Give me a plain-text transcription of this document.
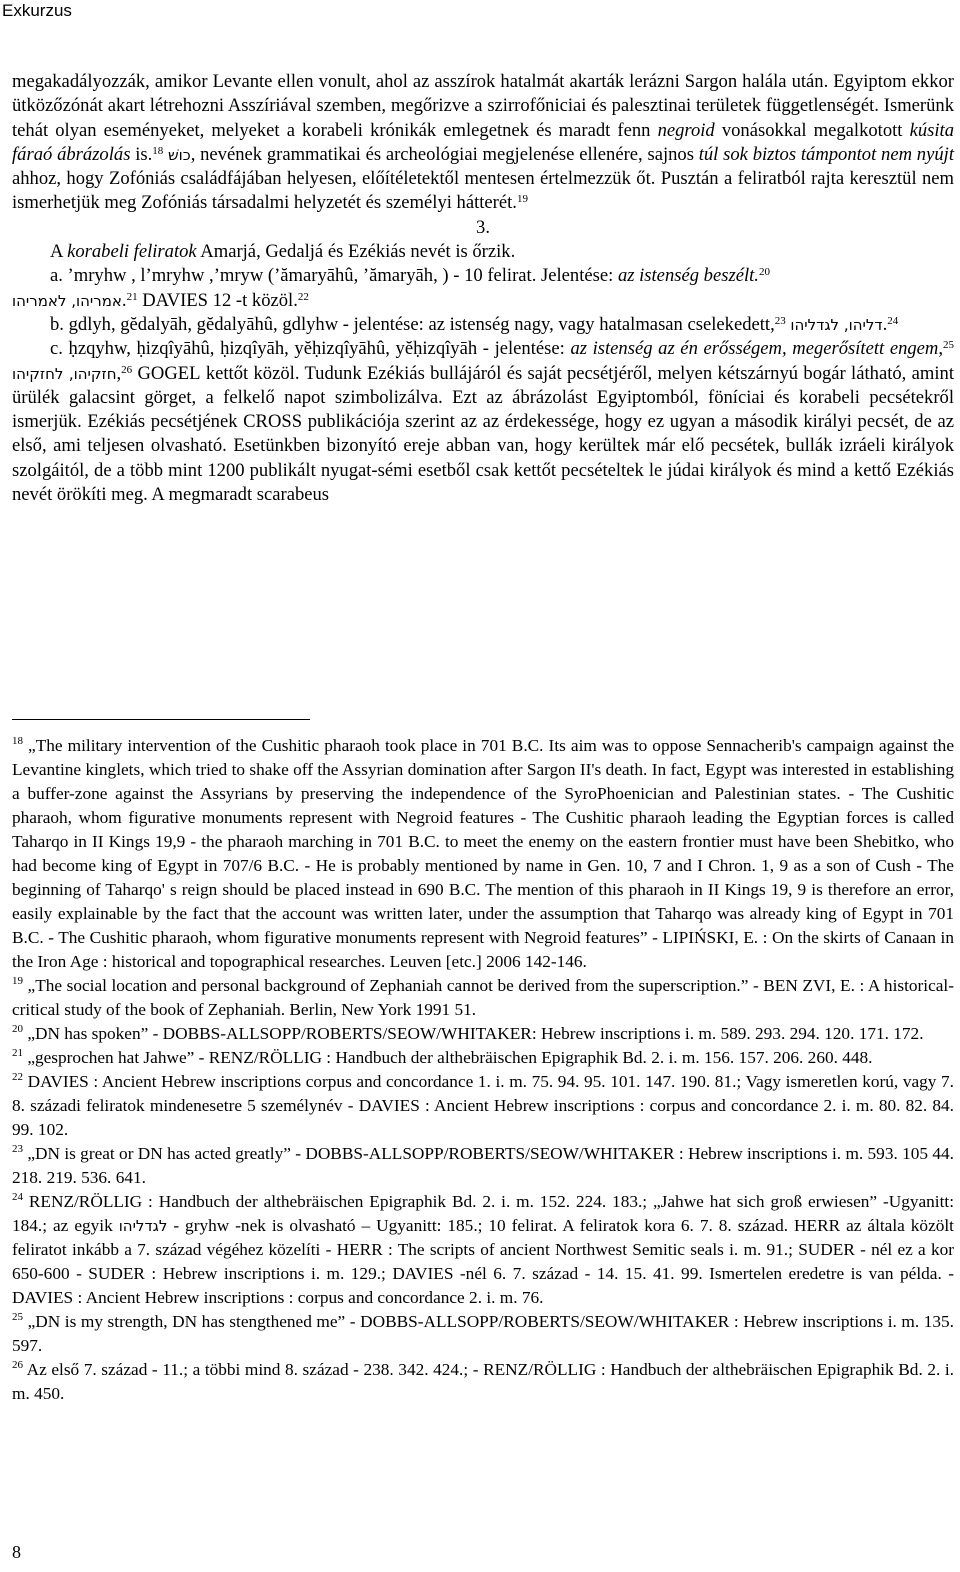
Exkurzus

megakadályozzák, amikor Levante ellen vonult, ahol az asszírok hatalmát akarták lerázni Sargon halála után. Egyiptom ekkor ütközőzónát akart létrehozni Asszíriával szemben, megőrizve a szirrofőniciai és palesztinai területek függetlenségét. Ismerünk tehát olyan eseményeket, melyeket a korabeli krónikák emlegetnek és maradt fenn negroid vonásokkal megalkotott kúsita fáraó ábrázolás is.$^{18}$ כושׁ, nevének grammatikai és archeológiai megjelenése ellenére, sajnos túl sok biztos támpontot nem nyújt ahhoz, hogy Zofóniás családfájában helyesen, előítéletektől mentesen értelmezzük őt. Pusztán a feliratból rajta keresztül nem ismerhetjük meg Zofóniás társadalmi helyzetét és személyi hátterét.$^{19}$

3.

A korabeli feliratok Amarjá, Gedaljá és Ezékiás nevét is őrzik.

a. ’mryhw , l’mryhw ,’mryw (’ămaryāhû, ’ămaryāh, ) - 10 felirat. Jelentése: az istenség beszélt.$^{20}$

אמריהו, לאמריהו.$^{21}$ DAVIES 12 -t közöl.$^{22}$

b. gdlyh, gĕdalyāh, gĕdalyāhû, gdlyhw - jelentése: az istenség nagy, vagy hatalmasan cselekedett,$^{23}$ דליהו, לגדליהו.$^{24}$

c. ḥzqyhw, ḥizqîyāhû, ḥizqîyāh, yĕḥizqîyāhû, yĕḥizqîyāh - jelentése: az istenség az én erősségem, megerősített engem,$^{25}$ חזקיהו, לחזקיהו,$^{26}$ GOGEL kettőt közöl. Tudunk Ezékiás bullájáról és saját pecsétjéről, melyen kétszárnyú bogár látható, amint ürülék galacsint görget, a felkelő napot szimbolizálva. Ezt az ábrázolást Egyiptomból, föníciai és korabeli pecsétekről ismerjük. Ezékiás pecsétjének CROSS publikációja szerint az az érdekessége, hogy ez ugyan a második királyi pecsét, de az első, ami teljesen olvasható. Esetünkben bizonyító ereje abban van, hogy kerültek már elő pecsétek, bullák izráeli királyok szolgáitól, de a több mint 1200 publikált nyugat-sémi esetből csak kettőt pecsételtek le júdai királyok és mind a kettő Ezékiás nevét örökíti meg. A megmaradt scarabeus

$^{18}$ „The military intervention of the Cushitic pharaoh took place in 701 B.C. Its aim was to oppose Sennacherib's campaign against the Levantine kinglets, which tried to shake off the Assyrian domination after Sargon II's death. In fact, Egypt was interested in establishing a buffer-zone against the Assyrians by preserving the independence of the SyroPhoenician and Palestinian states. - The Cushitic pharaoh, whom figurative monuments represent with Negroid features - The Cushitic pharaoh leading the Egyptian forces is called Taharqo in II Kings 19,9 - the pharaoh marching in 701 B.C. to meet the enemy on the eastern frontier must have been Shebitko, who had become king of Egypt in 707/6 B.C. - He is probably mentioned by name in Gen. 10, 7 and I Chron. 1, 9 as a son of Cush - The beginning of Taharqo' s reign should be placed instead in 690 B.C. The mention of this pharaoh in II Kings 19, 9 is therefore an error, easily explainable by the fact that the account was written later, under the assumption that Taharqo was already king of Egypt in 701 B.C. - The Cushitic pharaoh, whom figurative monuments represent with Negroid features” - LIPIŃSKI, E. : On the skirts of Canaan in the Iron Age : historical and topographical researches. Leuven [etc.] 2006 142-146.

$^{19}$ „The social location and personal background of Zephaniah cannot be derived from the superscription.” - BEN ZVI, E. : A historical-critical study of the book of Zephaniah. Berlin, New York 1991 51.

$^{20}$ „DN has spoken” - DOBBS-ALLSOPP/ROBERTS/SEOW/WHITAKER: Hebrew inscriptions i. m. 589. 293. 294. 120. 171. 172.

$^{21}$ „gesprochen hat Jahwe” - RENZ/RÖLLIG : Handbuch der althebräischen Epigraphik Bd. 2. i. m. 156. 157. 206. 260. 448.

$^{22}$ DAVIES : Ancient Hebrew inscriptions corpus and concordance 1. i. m. 75. 94. 95. 101. 147. 190. 81.; Vagy ismeretlen korú, vagy 7. 8. századi feliratok mindenesetre 5 személynév - DAVIES : Ancient Hebrew inscriptions : corpus and concordance 2. i. m. 80. 82. 84. 99. 102.

$^{23}$ „DN is great or DN has acted greatly” - DOBBS-ALLSOPP/ROBERTS/SEOW/WHITAKER : Hebrew inscriptions i. m. 593. 105 44. 218. 219. 536. 641.

$^{24}$ RENZ/RÖLLIG : Handbuch der althebräischen Epigraphik Bd. 2. i. m. 152. 224. 183.; „Jahwe hat sich groß erwiesen” -Ugyanitt: 184.; az egyik לגדליהו - gryhw -nek is olvasható – Ugyanitt: 185.; 10 felirat. A feliratok kora 6. 7. 8. század. HERR az általa közölt feliratot inkább a 7. század végéhez közelíti - HERR : The scripts of ancient Northwest Semitic seals i. m. 91.; SUDER - nél ez a kor 650-600 - SUDER : Hebrew inscriptions i. m. 129.; DAVIES -nél 6. 7. század - 14. 15. 41. 99. Ismertelen eredetre is van példa. - DAVIES : Ancient Hebrew inscriptions : corpus and concordance 2. i. m. 76.

$^{25}$ „DN is my strength, DN has stengthened me” - DOBBS-ALLSOPP/ROBERTS/SEOW/WHITAKER : Hebrew inscriptions i. m. 135. 597.

$^{26}$ Az első 7. század - 11.; a többi mind 8. század - 238. 342. 424.; - RENZ/RÖLLIG : Handbuch der althebräischen Epigraphik Bd. 2. i. m. 450.

8
